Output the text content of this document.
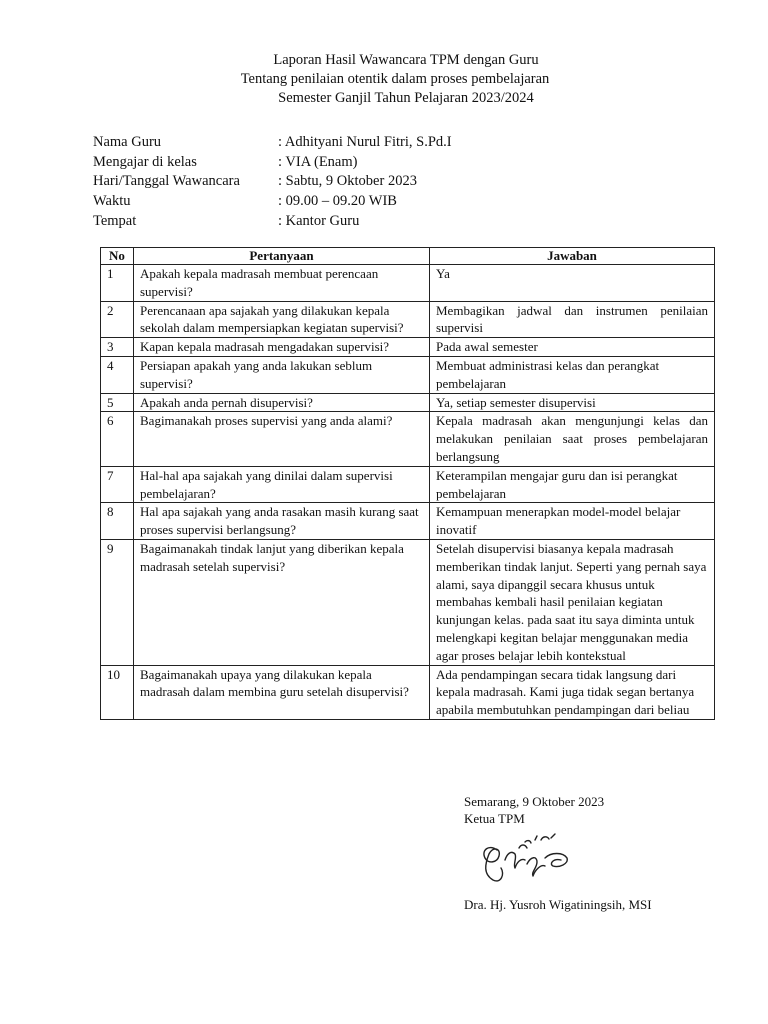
Laporan Hasil Wawancara TPM dengan Guru
Tentang penilaian otentik dalam proses pembelajaran
Semester Ganjil Tahun Pelajaran 2023/2024
Nama Guru	: Adhityani Nurul Fitri, S.Pd.I
Mengajar di kelas	: VIA (Enam)
Hari/Tanggal Wawancara	: Sabtu, 9 Oktober 2023
Waktu	: 09.00 – 09.20 WIB
Tempat	: Kantor Guru
No	Pertanyaan	Jawaban
1	Apakah kepala madrasah membuat perencaan supervisi?	Ya
2	Perencanaan apa sajakah yang dilakukan kepala sekolah dalam mempersiapkan kegiatan supervisi?	Membagikan jadwal dan instrumen penilaian supervisi
3	Kapan kepala madrasah mengadakan supervisi?	Pada awal semester
4	Persiapan apakah yang anda lakukan seblum supervisi?	Membuat administrasi kelas dan perangkat pembelajaran
5	Apakah anda pernah disupervisi?	Ya, setiap semester disupervisi
6	Bagimanakah proses supervisi yang anda alami?	Kepala madrasah akan mengunjungi kelas dan melakukan penilaian saat proses pembelajaran berlangsung
7	Hal-hal apa sajakah yang dinilai dalam supervisi pembelajaran?	Keterampilan mengajar guru dan isi perangkat pembelajaran
8	Hal apa sajakah yang anda rasakan masih kurang saat proses supervisi berlangsung?	Kemampuan menerapkan model-model belajar inovatif
9	Bagaimanakah tindak lanjut yang diberikan kepala madrasah setelah supervisi?	Setelah disupervisi biasanya kepala madrasah memberikan tindak lanjut. Seperti yang pernah saya alami, saya dipanggil secara khusus untuk membahas kembali hasil penilaian kegiatan kunjungan kelas. pada saat itu saya diminta untuk melengkapi kegitan belajar menggunakan media agar proses belajar lebih kontekstual
10	Bagaimanakah upaya yang dilakukan kepala madrasah dalam membina guru setelah disupervisi?	Ada pendampingan secara tidak langsung dari kepala madrasah. Kami juga tidak segan bertanya apabila membutuhkan pendampingan dari beliau
Semarang, 9 Oktober 2023
Ketua TPM
Dra. Hj. Yusroh Wigatiningsih, MSI
